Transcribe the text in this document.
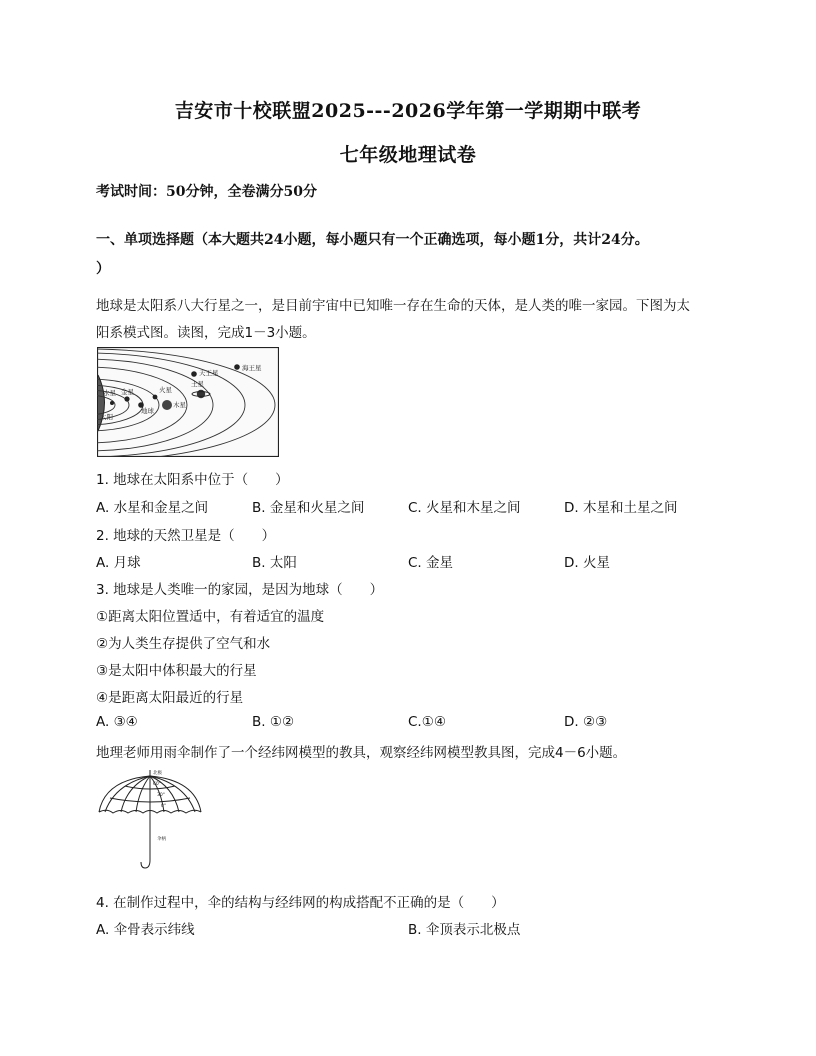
吉安市十校联盟2025---2026学年第一学期期中联考
七年级地理试卷
考试时间：50分钟，全卷满分50分
一、单项选择题（本大题共24小题，每小题只有一个正确选项，每小题1分，共计24分。
）
地球是太阳系八大行星之一，是目前宇宙中已知唯一存在生命的天体，是人类的唯一家园。下图为太
阳系模式图。读图，完成1－3小题。
海王星
天王星
土星
木星
火星
地球
金星
水星
太阳
1. 地球在太阳系中位于（　　）
A. 水星和金星之间	B. 金星和火星之间	C. 火星和木星之间	D. 木星和土星之间
2. 地球的天然卫星是（　　）
A. 月球	B. 太阳	C. 金星	D. 火星
3. 地球是人类唯一的家园，是因为地球（　　）
①距离太阳位置适中，有着适宜的温度
②为人类生存提供了空气和水
③是太阳中体积最大的行星
④是距离太阳最近的行星
A. ③④	B. ①②	C.①④	D. ②③
地理老师用雨伞制作了一个经纬网模型的教具，观察经纬网模型教具图，完成4－6小题。
60°
30°
0°
北极
伞柄
4. 在制作过程中，伞的结构与经纬网的构成搭配不正确的是（　　）
A. 伞骨表示纬线	B. 伞顶表示北极点
